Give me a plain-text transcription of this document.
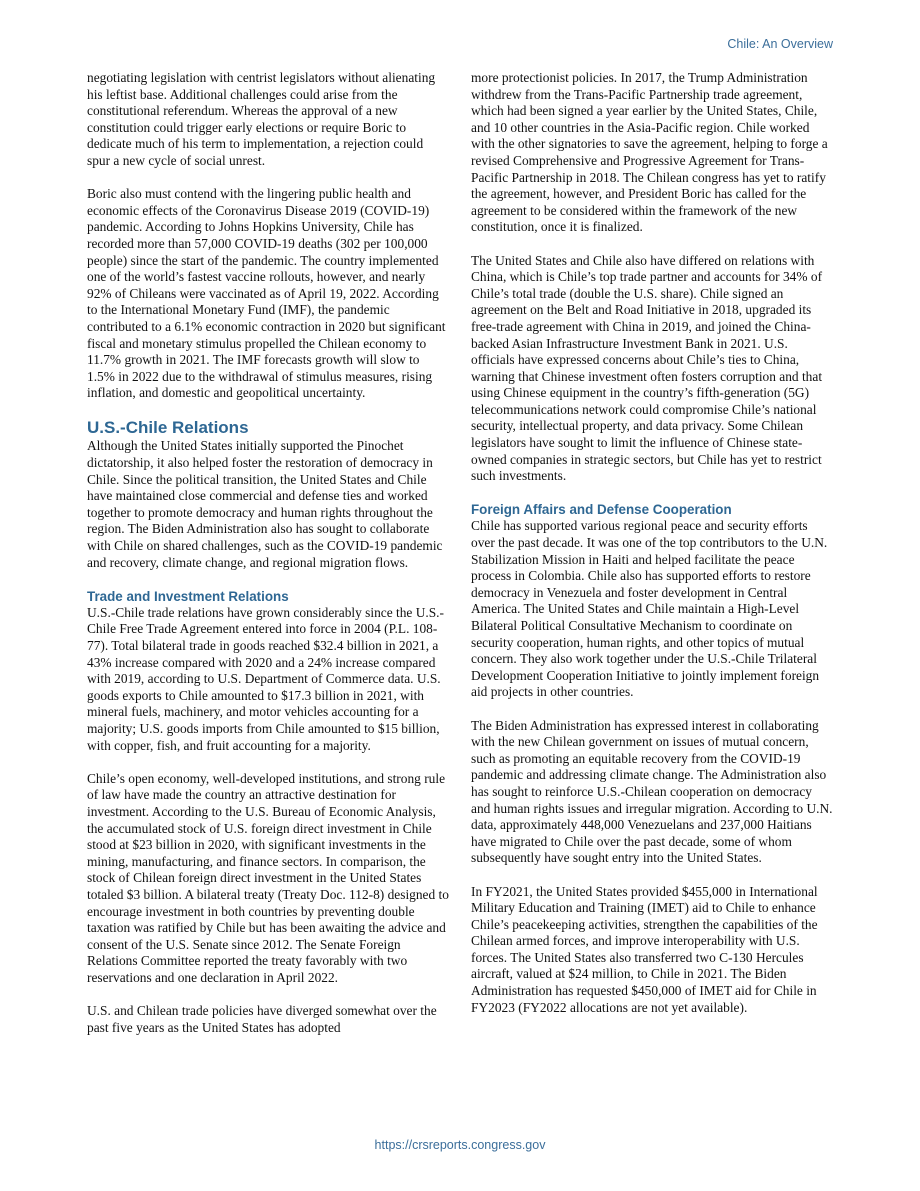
Chile: An Overview

negotiating legislation with centrist legislators without alienating his leftist base. Additional challenges could arise from the constitutional referendum. Whereas the approval of a new constitution could trigger early elections or require Boric to dedicate much of his term to implementation, a rejection could spur a new cycle of social unrest.

Boric also must contend with the lingering public health and economic effects of the Coronavirus Disease 2019 (COVID-19) pandemic. According to Johns Hopkins University, Chile has recorded more than 57,000 COVID-19 deaths (302 per 100,000 people) since the start of the pandemic. The country implemented one of the world’s fastest vaccine rollouts, however, and nearly 92% of Chileans were vaccinated as of April 19, 2022. According to the International Monetary Fund (IMF), the pandemic contributed to a 6.1% economic contraction in 2020 but significant fiscal and monetary stimulus propelled the Chilean economy to 11.7% growth in 2021. The IMF forecasts growth will slow to 1.5% in 2022 due to the withdrawal of stimulus measures, rising inflation, and domestic and geopolitical uncertainty.

U.S.-Chile Relations

Although the United States initially supported the Pinochet dictatorship, it also helped foster the restoration of democracy in Chile. Since the political transition, the United States and Chile have maintained close commercial and defense ties and worked together to promote democracy and human rights throughout the region. The Biden Administration also has sought to collaborate with Chile on shared challenges, such as the COVID-19 pandemic and recovery, climate change, and regional migration flows.

Trade and Investment Relations

U.S.-Chile trade relations have grown considerably since the U.S.-Chile Free Trade Agreement entered into force in 2004 (P.L. 108-77). Total bilateral trade in goods reached $32.4 billion in 2021, a 43% increase compared with 2020 and a 24% increase compared with 2019, according to U.S. Department of Commerce data. U.S. goods exports to Chile amounted to $17.3 billion in 2021, with mineral fuels, machinery, and motor vehicles accounting for a majority; U.S. goods imports from Chile amounted to $15 billion, with copper, fish, and fruit accounting for a majority.

Chile’s open economy, well-developed institutions, and strong rule of law have made the country an attractive destination for investment. According to the U.S. Bureau of Economic Analysis, the accumulated stock of U.S. foreign direct investment in Chile stood at $23 billion in 2020, with significant investments in the mining, manufacturing, and finance sectors. In comparison, the stock of Chilean foreign direct investment in the United States totaled $3 billion. A bilateral treaty (Treaty Doc. 112-8) designed to encourage investment in both countries by preventing double taxation was ratified by Chile but has been awaiting the advice and consent of the U.S. Senate since 2012. The Senate Foreign Relations Committee reported the treaty favorably with two reservations and one declaration in April 2022.

U.S. and Chilean trade policies have diverged somewhat over the past five years as the United States has adopted

more protectionist policies. In 2017, the Trump Administration withdrew from the Trans-Pacific Partnership trade agreement, which had been signed a year earlier by the United States, Chile, and 10 other countries in the Asia-Pacific region. Chile worked with the other signatories to save the agreement, helping to forge a revised Comprehensive and Progressive Agreement for Trans-Pacific Partnership in 2018. The Chilean congress has yet to ratify the agreement, however, and President Boric has called for the agreement to be considered within the framework of the new constitution, once it is finalized.

The United States and Chile also have differed on relations with China, which is Chile’s top trade partner and accounts for 34% of Chile’s total trade (double the U.S. share). Chile signed an agreement on the Belt and Road Initiative in 2018, upgraded its free-trade agreement with China in 2019, and joined the China-backed Asian Infrastructure Investment Bank in 2021. U.S. officials have expressed concerns about Chile’s ties to China, warning that Chinese investment often fosters corruption and that using Chinese equipment in the country’s fifth-generation (5G) telecommunications network could compromise Chile’s national security, intellectual property, and data privacy. Some Chilean legislators have sought to limit the influence of Chinese state-owned companies in strategic sectors, but Chile has yet to restrict such investments.

Foreign Affairs and Defense Cooperation

Chile has supported various regional peace and security efforts over the past decade. It was one of the top contributors to the U.N. Stabilization Mission in Haiti and helped facilitate the peace process in Colombia. Chile also has supported efforts to restore democracy in Venezuela and foster development in Central America. The United States and Chile maintain a High-Level Bilateral Political Consultative Mechanism to coordinate on security cooperation, human rights, and other topics of mutual concern. They also work together under the U.S.-Chile Trilateral Development Cooperation Initiative to jointly implement foreign aid projects in other countries.

The Biden Administration has expressed interest in collaborating with the new Chilean government on issues of mutual concern, such as promoting an equitable recovery from the COVID-19 pandemic and addressing climate change. The Administration also has sought to reinforce U.S.-Chilean cooperation on democracy and human rights issues and irregular migration. According to U.N. data, approximately 448,000 Venezuelans and 237,000 Haitians have migrated to Chile over the past decade, some of whom subsequently have sought entry into the United States.

In FY2021, the United States provided $455,000 in International Military Education and Training (IMET) aid to Chile to enhance Chile’s peacekeeping activities, strengthen the capabilities of the Chilean armed forces, and improve interoperability with U.S. forces. The United States also transferred two C-130 Hercules aircraft, valued at $24 million, to Chile in 2021. The Biden Administration has requested $450,000 of IMET aid for Chile in FY2023 (FY2022 allocations are not yet available).

https://crsreports.congress.gov
